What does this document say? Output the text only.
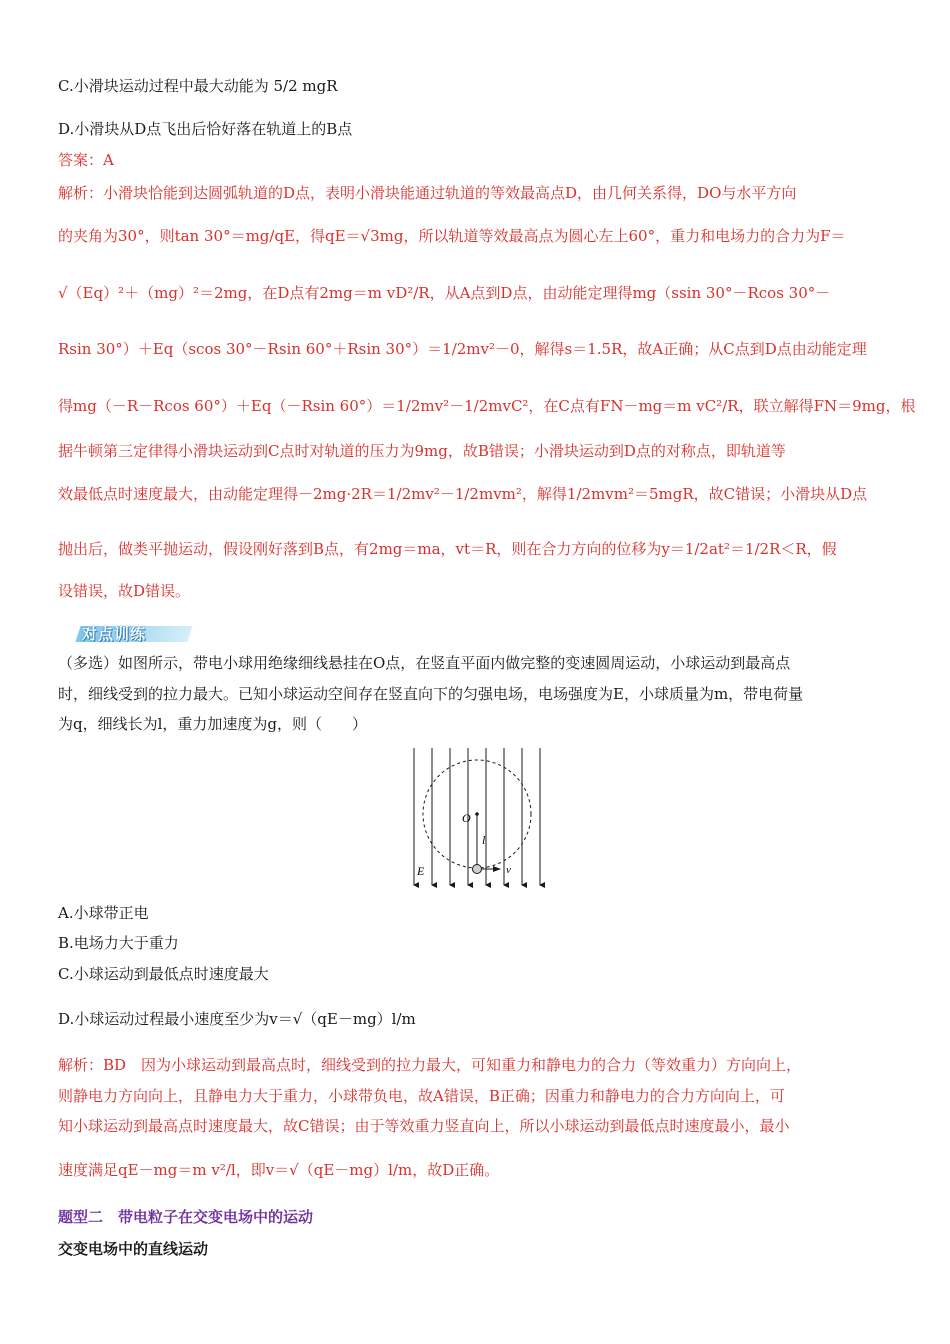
C.小滑块运动过程中最大动能为 5/2 mgR
D.小滑块从D点飞出后恰好落在轨道上的B点
答案：A
解析：小滑块恰能到达圆弧轨道的D点，表明小滑块能通过轨道的等效最高点D，由几何关系得，DO与水平方向
的夹角为30°，则tan 30°＝mg/qE，得qE＝√3mg，所以轨道等效最高点为圆心左上60°，重力和电场力的合力为F＝
√（Eq）²＋（mg）²＝2mg，在D点有2mg＝m vD²/R，从A点到D点，由动能定理得mg（ssin 30°－Rcos 30°－
Rsin 30°）＋Eq（scos 30°－Rsin 60°＋Rsin 30°）＝1/2mv²－0，解得s＝1.5R，故A正确；从C点到D点由动能定理
得mg（－R－Rcos 60°）＋Eq（－Rsin 60°）＝1/2mv²－1/2mvC²，在C点有FN－mg＝m vC²/R，联立解得FN＝9mg，根
据牛顿第三定律得小滑块运动到C点时对轨道的压力为9mg，故B错误；小滑块运动到D点的对称点，即轨道等
效最低点时速度最大，由动能定理得－2mg·2R＝1/2mv²－1/2mvm²，解得1/2mvm²＝5mgR，故C错误；小滑块从D点
抛出后，做类平抛运动，假设刚好落到B点，有2mg＝ma，vt＝R，则在合力方向的位移为y＝1/2at²＝1/2R＜R，假
设错误，故D错误。
对点训练
（多选）如图所示，带电小球用绝缘细线悬挂在O点，在竖直平面内做完整的变速圆周运动，小球运动到最高点
时，细线受到的拉力最大。已知小球运动空间存在竖直向下的匀强电场，电场强度为E，小球质量为m，带电荷量
为q，细线长为l，重力加速度为g，则（　　）
O
l
E	v
A.小球带正电
B.电场力大于重力
C.小球运动到最低点时速度最大
D.小球运动过程最小速度至少为v＝√（qE－mg）l/m
解析：BD　因为小球运动到最高点时，细线受到的拉力最大，可知重力和静电力的合力（等效重力）方向向上，
则静电力方向向上，且静电力大于重力，小球带负电，故A错误，B正确；因重力和静电力的合力方向向上，可
知小球运动到最高点时速度最大，故C错误；由于等效重力竖直向上，所以小球运动到最低点时速度最小，最小
速度满足qE－mg＝m v²/l，即v＝√（qE－mg）l/m，故D正确。
题型二　带电粒子在交变电场中的运动
交变电场中的直线运动
